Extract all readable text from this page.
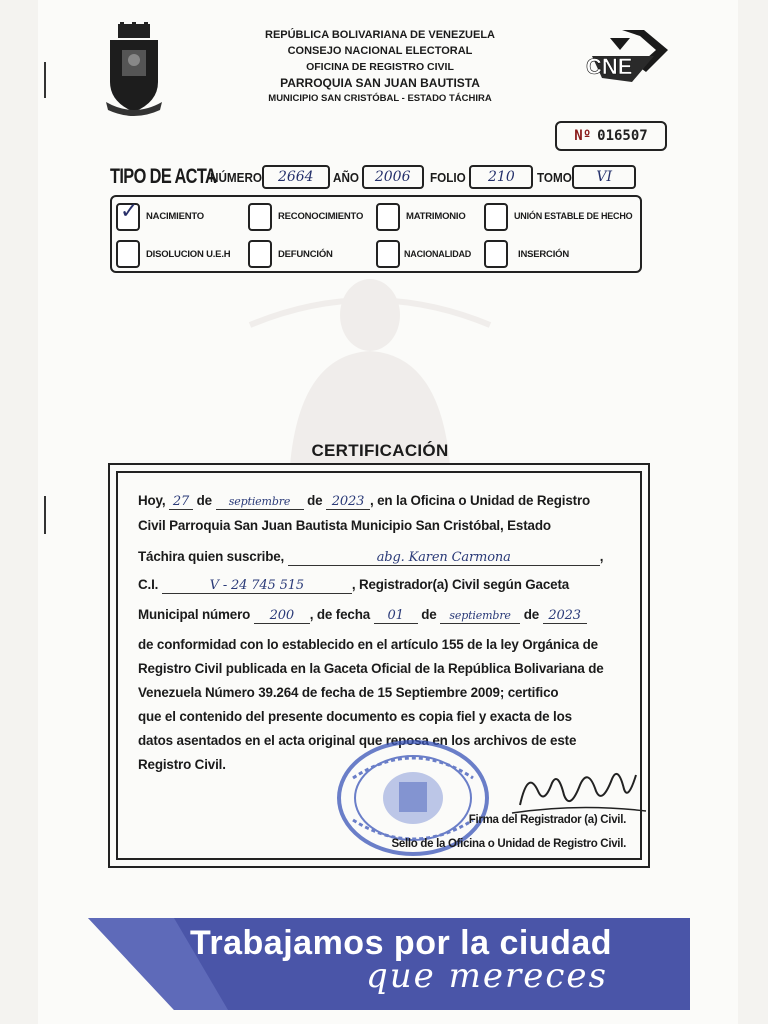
REPÚBLICA BOLIVARIANA DE VENEZUELA
CONSEJO NACIONAL ELECTORAL
OFICINA DE REGISTRO CIVIL
PARROQUIA SAN JUAN BAUTISTA
MUNICIPIO SAN CRISTÓBAL - ESTADO TÁCHIRA
CNE
Nº 016507
TIPO DE ACTA
NÚMERO	2664	AÑO	2006	FOLIO	210	TOMO	VI
✓ NACIMIENTO	RECONOCIMIENTO	MATRIMONIO	UNIÓN ESTABLE DE HECHO
DISOLUCION U.E.H	DEFUNCIÓN	NACIONALIDAD	INSERCIÓN
CERTIFICACIÓN
Hoy, 27 de septiembre de 2023 , en la Oficina o Unidad de Registro
Civil Parroquia San Juan Bautista Municipio San Cristóbal, Estado
Táchira quien suscribe,	abg. Karen Carmona	,
C.I.	V - 24 745 515	, Registrador(a) Civil según Gaceta
Municipal número 200 , de fecha 01 de septiembre de 2023
de conformidad con lo establecido en el artículo 155 de la ley Orgánica de
Registro Civil publicada en la Gaceta Oficial de la República Bolivariana de
Venezuela Número 39.264 de fecha de 15 Septiembre 2009; certifico
que el contenido del presente documento es copia fiel y exacta de los
datos asentados en el acta original que reposa en los archivos de este
Registro Civil.
Firma del Registrador (a) Civil.
Sello de la Oficina o Unidad de Registro Civil.
Trabajamos por la ciudad
que mereces
